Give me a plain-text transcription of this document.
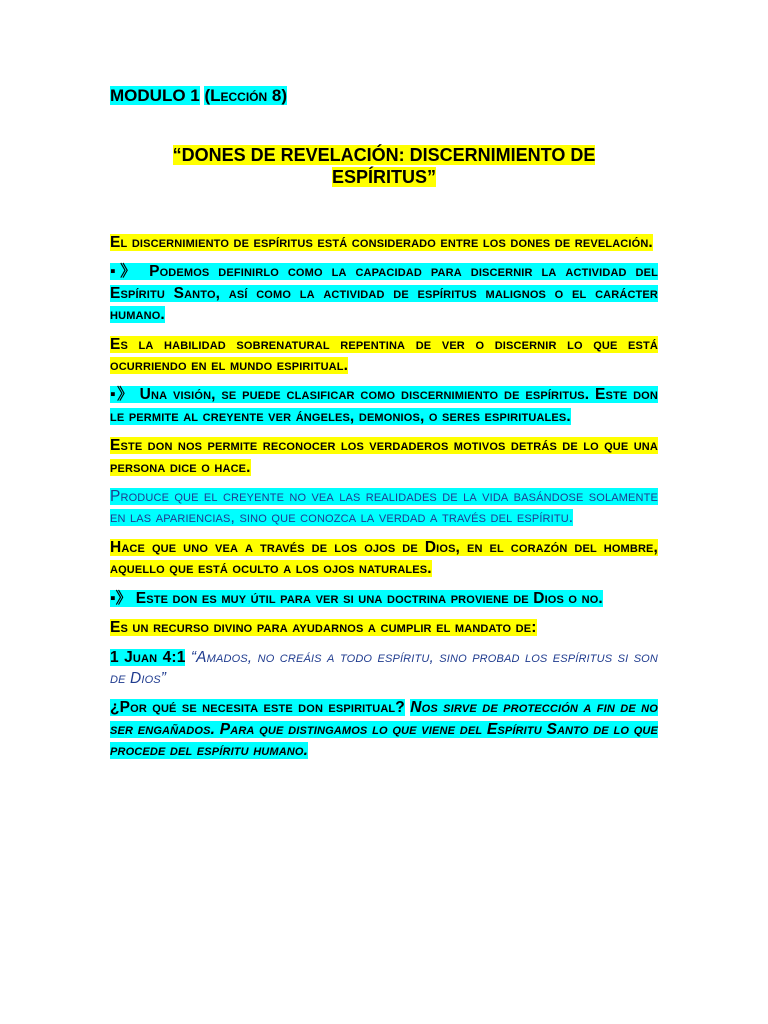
MODULO 1 (Lección 8)

“DONES DE REVELACIÓN: DISCERNIMIENTO DE
ESPÍRITUS”

El discernimiento de espíritus está considerado entre los dones de revelación.

▪》 Podemos definirlo como la capacidad para discernir la actividad del Espíritu Santo, así como la actividad de espíritus malignos o el carácter humano.

Es la habilidad sobrenatural repentina de ver o discernir lo que está ocurriendo en el mundo espiritual.

▪》 Una visión, se puede clasificar como discernimiento de espíritus. Este don le permite al creyente ver ángeles, demonios, o seres espirituales.

Este don nos permite reconocer los verdaderos motivos detrás de lo que una persona dice o hace.

Produce que el creyente no vea las realidades de la vida basándose solamente en las apariencias, sino que conozca la verdad a través del espíritu.

Hace que uno vea a través de los ojos de Dios, en el corazón del hombre, aquello que está oculto a los ojos naturales.

▪》 Este don es muy útil para ver si una doctrina proviene de Dios o no.

Es un recurso divino para ayudarnos a cumplir el mandato de:

1 Juan 4:1 “Amados, no creáis a todo espíritu, sino probad los espíritus si son de Dios”

¿Por qué se necesita este don espiritual? Nos sirve de protección a fin de no ser engañados. Para que distingamos lo que viene del Espíritu Santo de lo que procede del espíritu humano.
